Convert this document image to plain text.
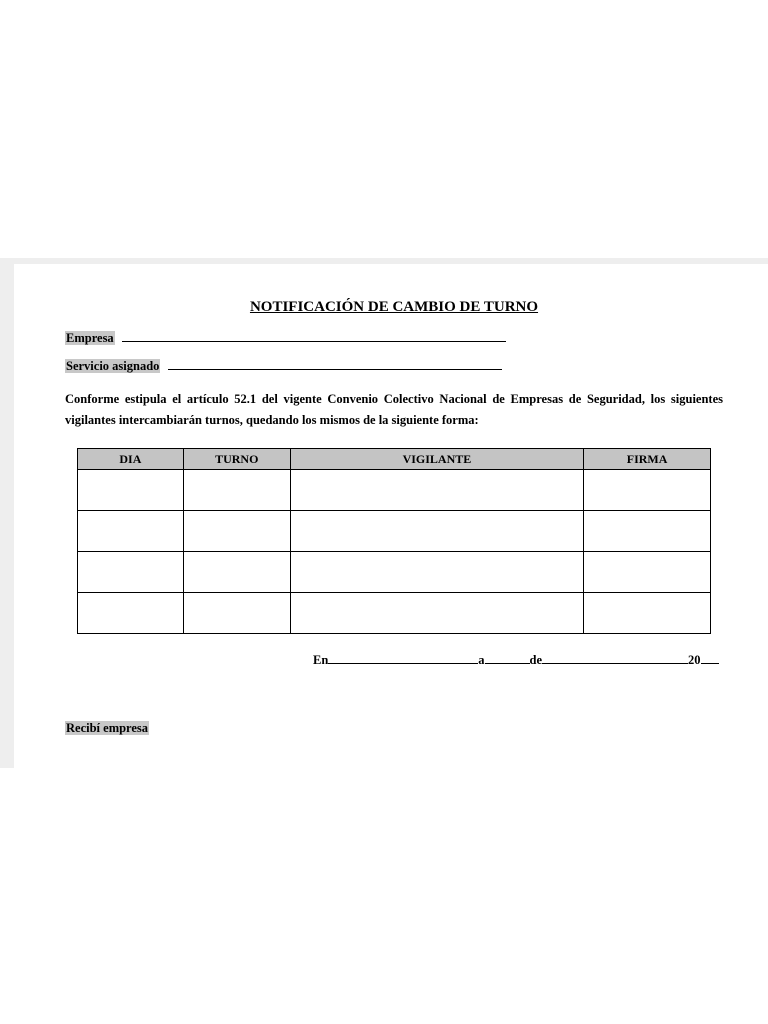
NOTIFICACIÓN DE CAMBIO DE TURNO
Empresa
Servicio asignado
Conforme estipula el artículo 52.1 del vigente Convenio Colectivo Nacional de Empresas de Seguridad, los siguientes vigilantes intercambiarán turnos, quedando los mismos de la siguiente forma:
DIA	TURNO	VIGILANTE	FIRMA

En	a	de	20
Recibí empresa
